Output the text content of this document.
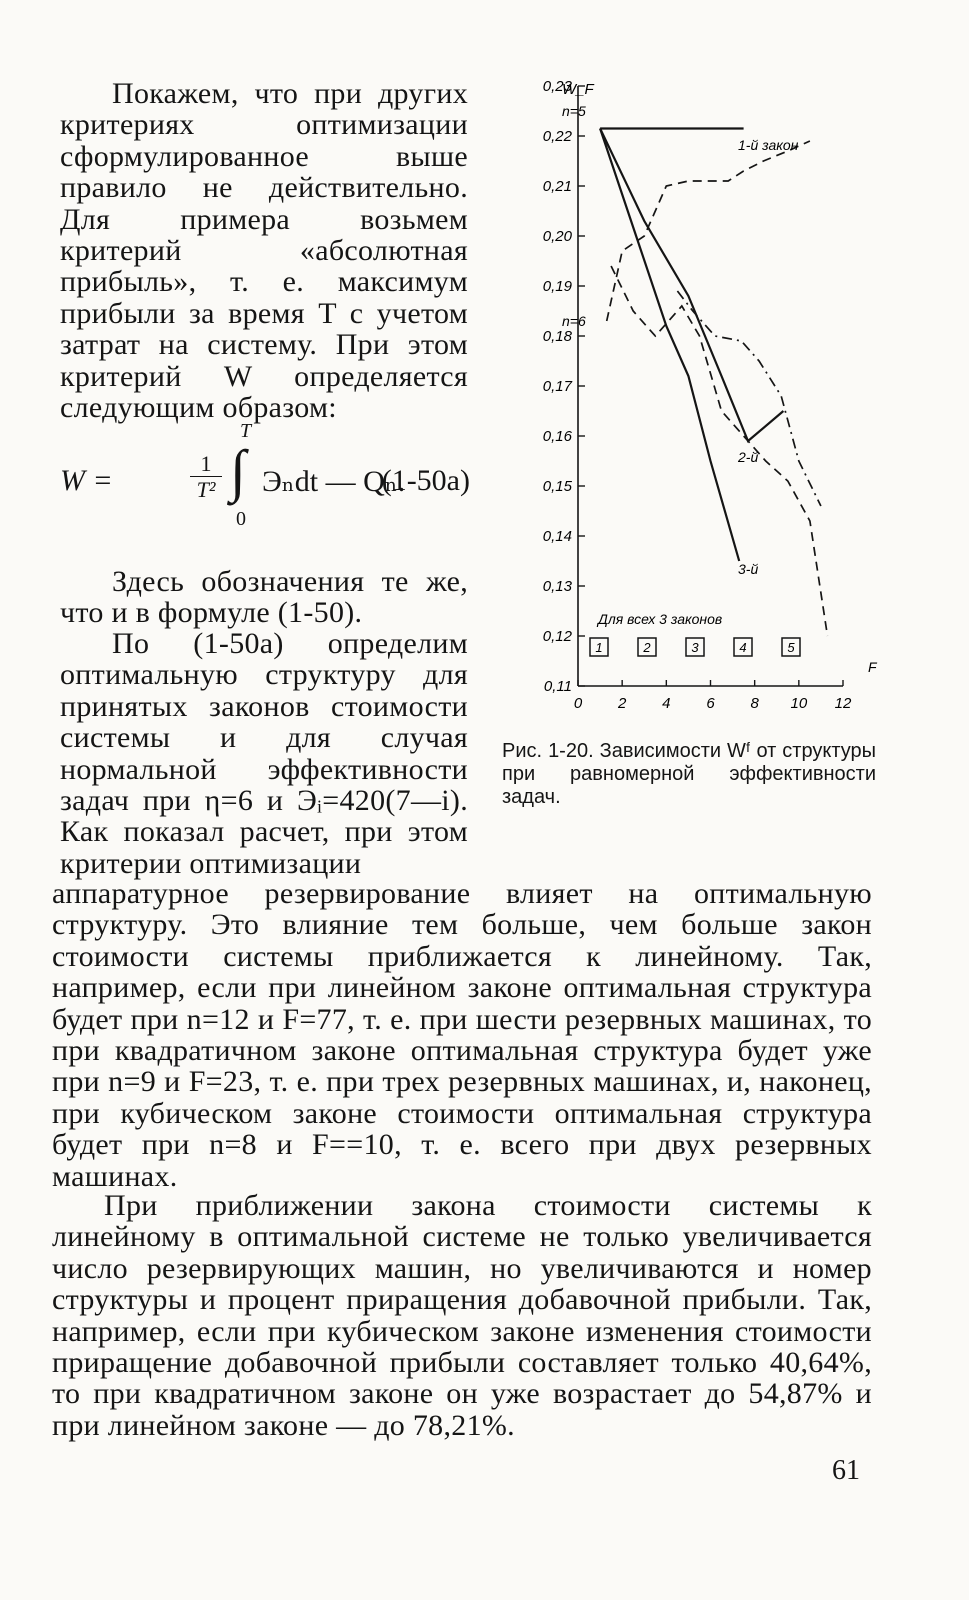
Покажем, что при других критериях оптимизации сформулированное выше правило не действительно. Для примера возьмем критерий «абсолютная прибыль», т. е. максимум прибыли за время T с учетом затрат на систему. При этом критерий W определяется следующим образом:

W =	$\frac{1}{\text{T²}}$
T
∫
0
Эₙdt — Qₙ.
(1-50а)

Здесь обозначения те же, что и в формуле (1-50).

По (1-50а) определим оптимальную структуру для принятых законов стоимости системы и для случая нормальной эффективности задач при η=6 и Эᵢ=420(7—i). Как показал расчет, при этом критерии оптимизации

аппаратурное резервирование влияет на оптимальную структуру. Это влияние тем больше, чем больше закон стоимости системы приближается к линейному. Так, например, если при линейном законе оптимальная структура будет при n=12 и F=77, т. е. при шести резервных машинах, то при квадратичном законе оптимальная структура будет уже при n=9 и F=23, т. е. при трех резервных машинах, и, наконец, при кубическом законе стоимости оптимальная структура будет при n=8 и F==10, т. е. всего при двух резервных машинах.

При приближении закона стоимости системы к линейному в оптимальной системе не только увеличивается число резервирующих машин, но увеличиваются и номер структуры и процент приращения добавочной прибыли. Так, например, если при кубическом законе изменения стоимости приращение добавочной прибыли составляет только 40,64%, то при квадратичном законе он уже возрастает до 54,87% и при линейном законе — до 78,21%.

0,11
0,12
0,13
0,14
0,15
0,16
0,17
0,18
0,19
0,20
0,21
0,22
0,23
0 2 4 6 8 10 12
1	2	3	4	5
W_F
F
n=5
n=6
1-й закон
2-й
3-й
Для всех 3 законов
Рис. 1-20. Зависимости Wᶠ от структуры при равномерной эффективности задач.
61
